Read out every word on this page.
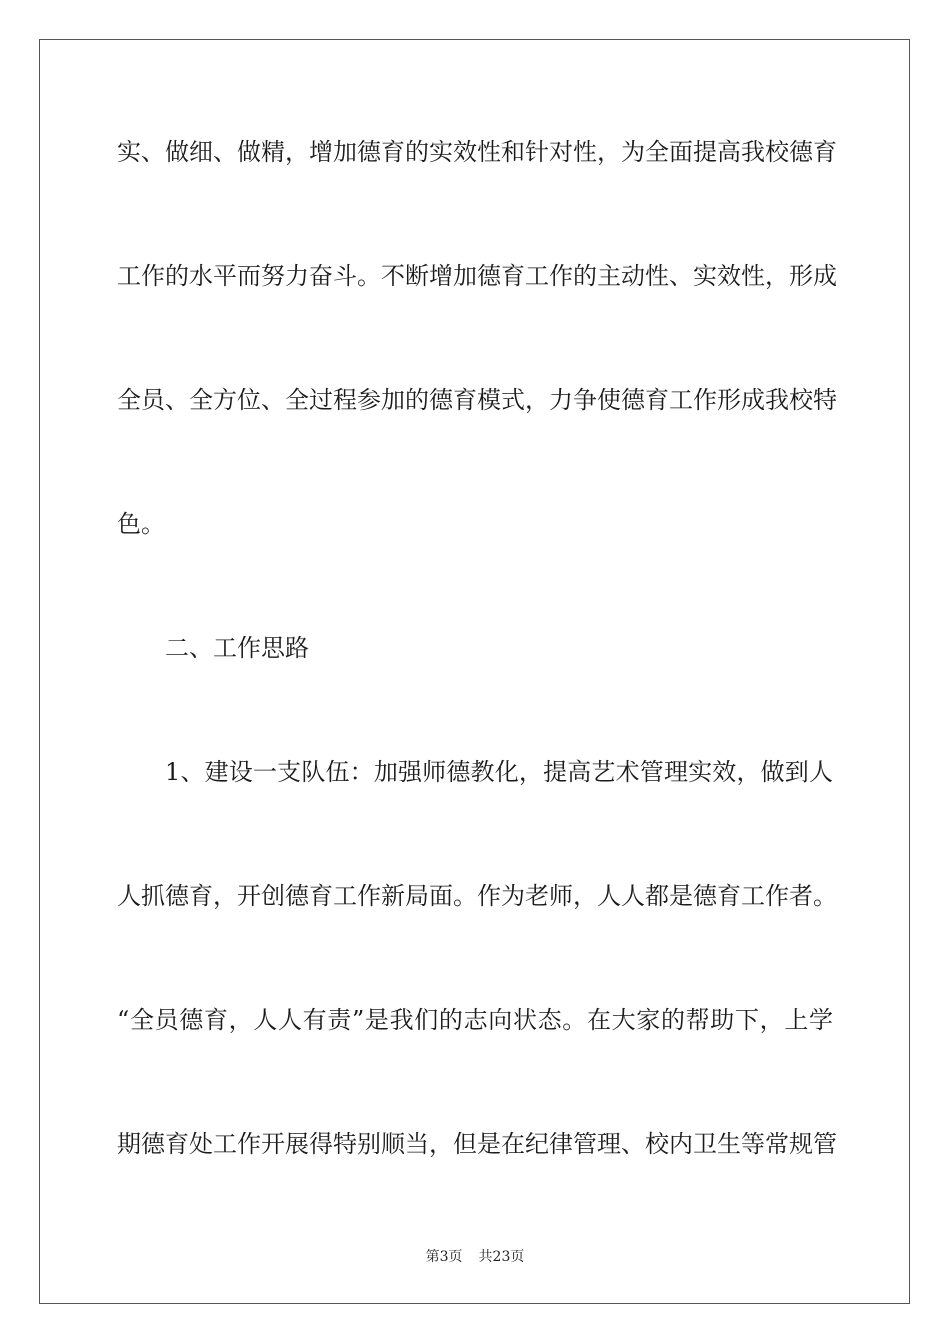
实、做细、做精，增加德育的实效性和针对性，为全面提高我校德育
工作的水平而努力奋斗。不断增加德育工作的主动性、实效性，形成
全员、全方位、全过程参加的德育模式，力争使德育工作形成我校特
色。
二、工作思路
1、建设一支队伍：加强师德教化，提高艺术管理实效，做到人
人抓德育，开创德育工作新局面。作为老师，人人都是德育工作者。
“全员德育，人人有责”是我们的志向状态。在大家的帮助下，上学
期德育处工作开展得特别顺当，但是在纪律管理、校内卫生等常规管
第3页 共23页
